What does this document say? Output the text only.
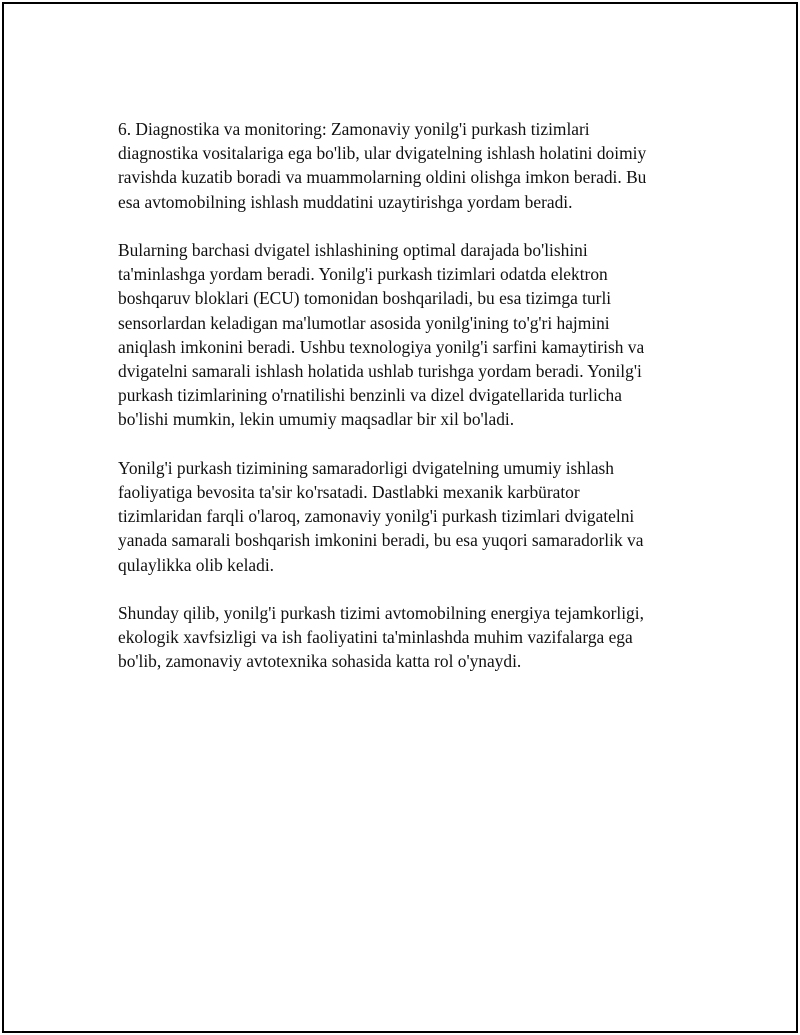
6. Diagnostika va monitoring: Zamonaviy yonilg'i purkash tizimlari
diagnostika vositalariga ega bo'lib, ular dvigatelning ishlash holatini doimiy
ravishda kuzatib boradi va muammolarning oldini olishga imkon beradi. Bu
esa avtomobilning ishlash muddatini uzaytirishga yordam beradi.

Bularning barchasi dvigatel ishlashining optimal darajada bo'lishini
ta'minlashga yordam beradi. Yonilg'i purkash tizimlari odatda elektron
boshqaruv bloklari (ECU) tomonidan boshqariladi, bu esa tizimga turli
sensorlardan keladigan ma'lumotlar asosida yonilg'ining to'g'ri hajmini
aniqlash imkonini beradi. Ushbu texnologiya yonilg'i sarfini kamaytirish va
dvigatelni samarali ishlash holatida ushlab turishga yordam beradi. Yonilg'i
purkash tizimlarining o'rnatilishi benzinli va dizel dvigatellarida turlicha
bo'lishi mumkin, lekin umumiy maqsadlar bir xil bo'ladi.

Yonilg'i purkash tizimining samaradorligi dvigatelning umumiy ishlash
faoliyatiga bevosita ta'sir ko'rsatadi. Dastlabki mexanik karbürator
tizimlaridan farqli o'laroq, zamonaviy yonilg'i purkash tizimlari dvigatelni
yanada samarali boshqarish imkonini beradi, bu esa yuqori samaradorlik va
qulaylikka olib keladi.

Shunday qilib, yonilg'i purkash tizimi avtomobilning energiya tejamkorligi,
ekologik xavfsizligi va ish faoliyatini ta'minlashda muhim vazifalarga ega
bo'lib, zamonaviy avtotexnika sohasida katta rol o'ynaydi.
